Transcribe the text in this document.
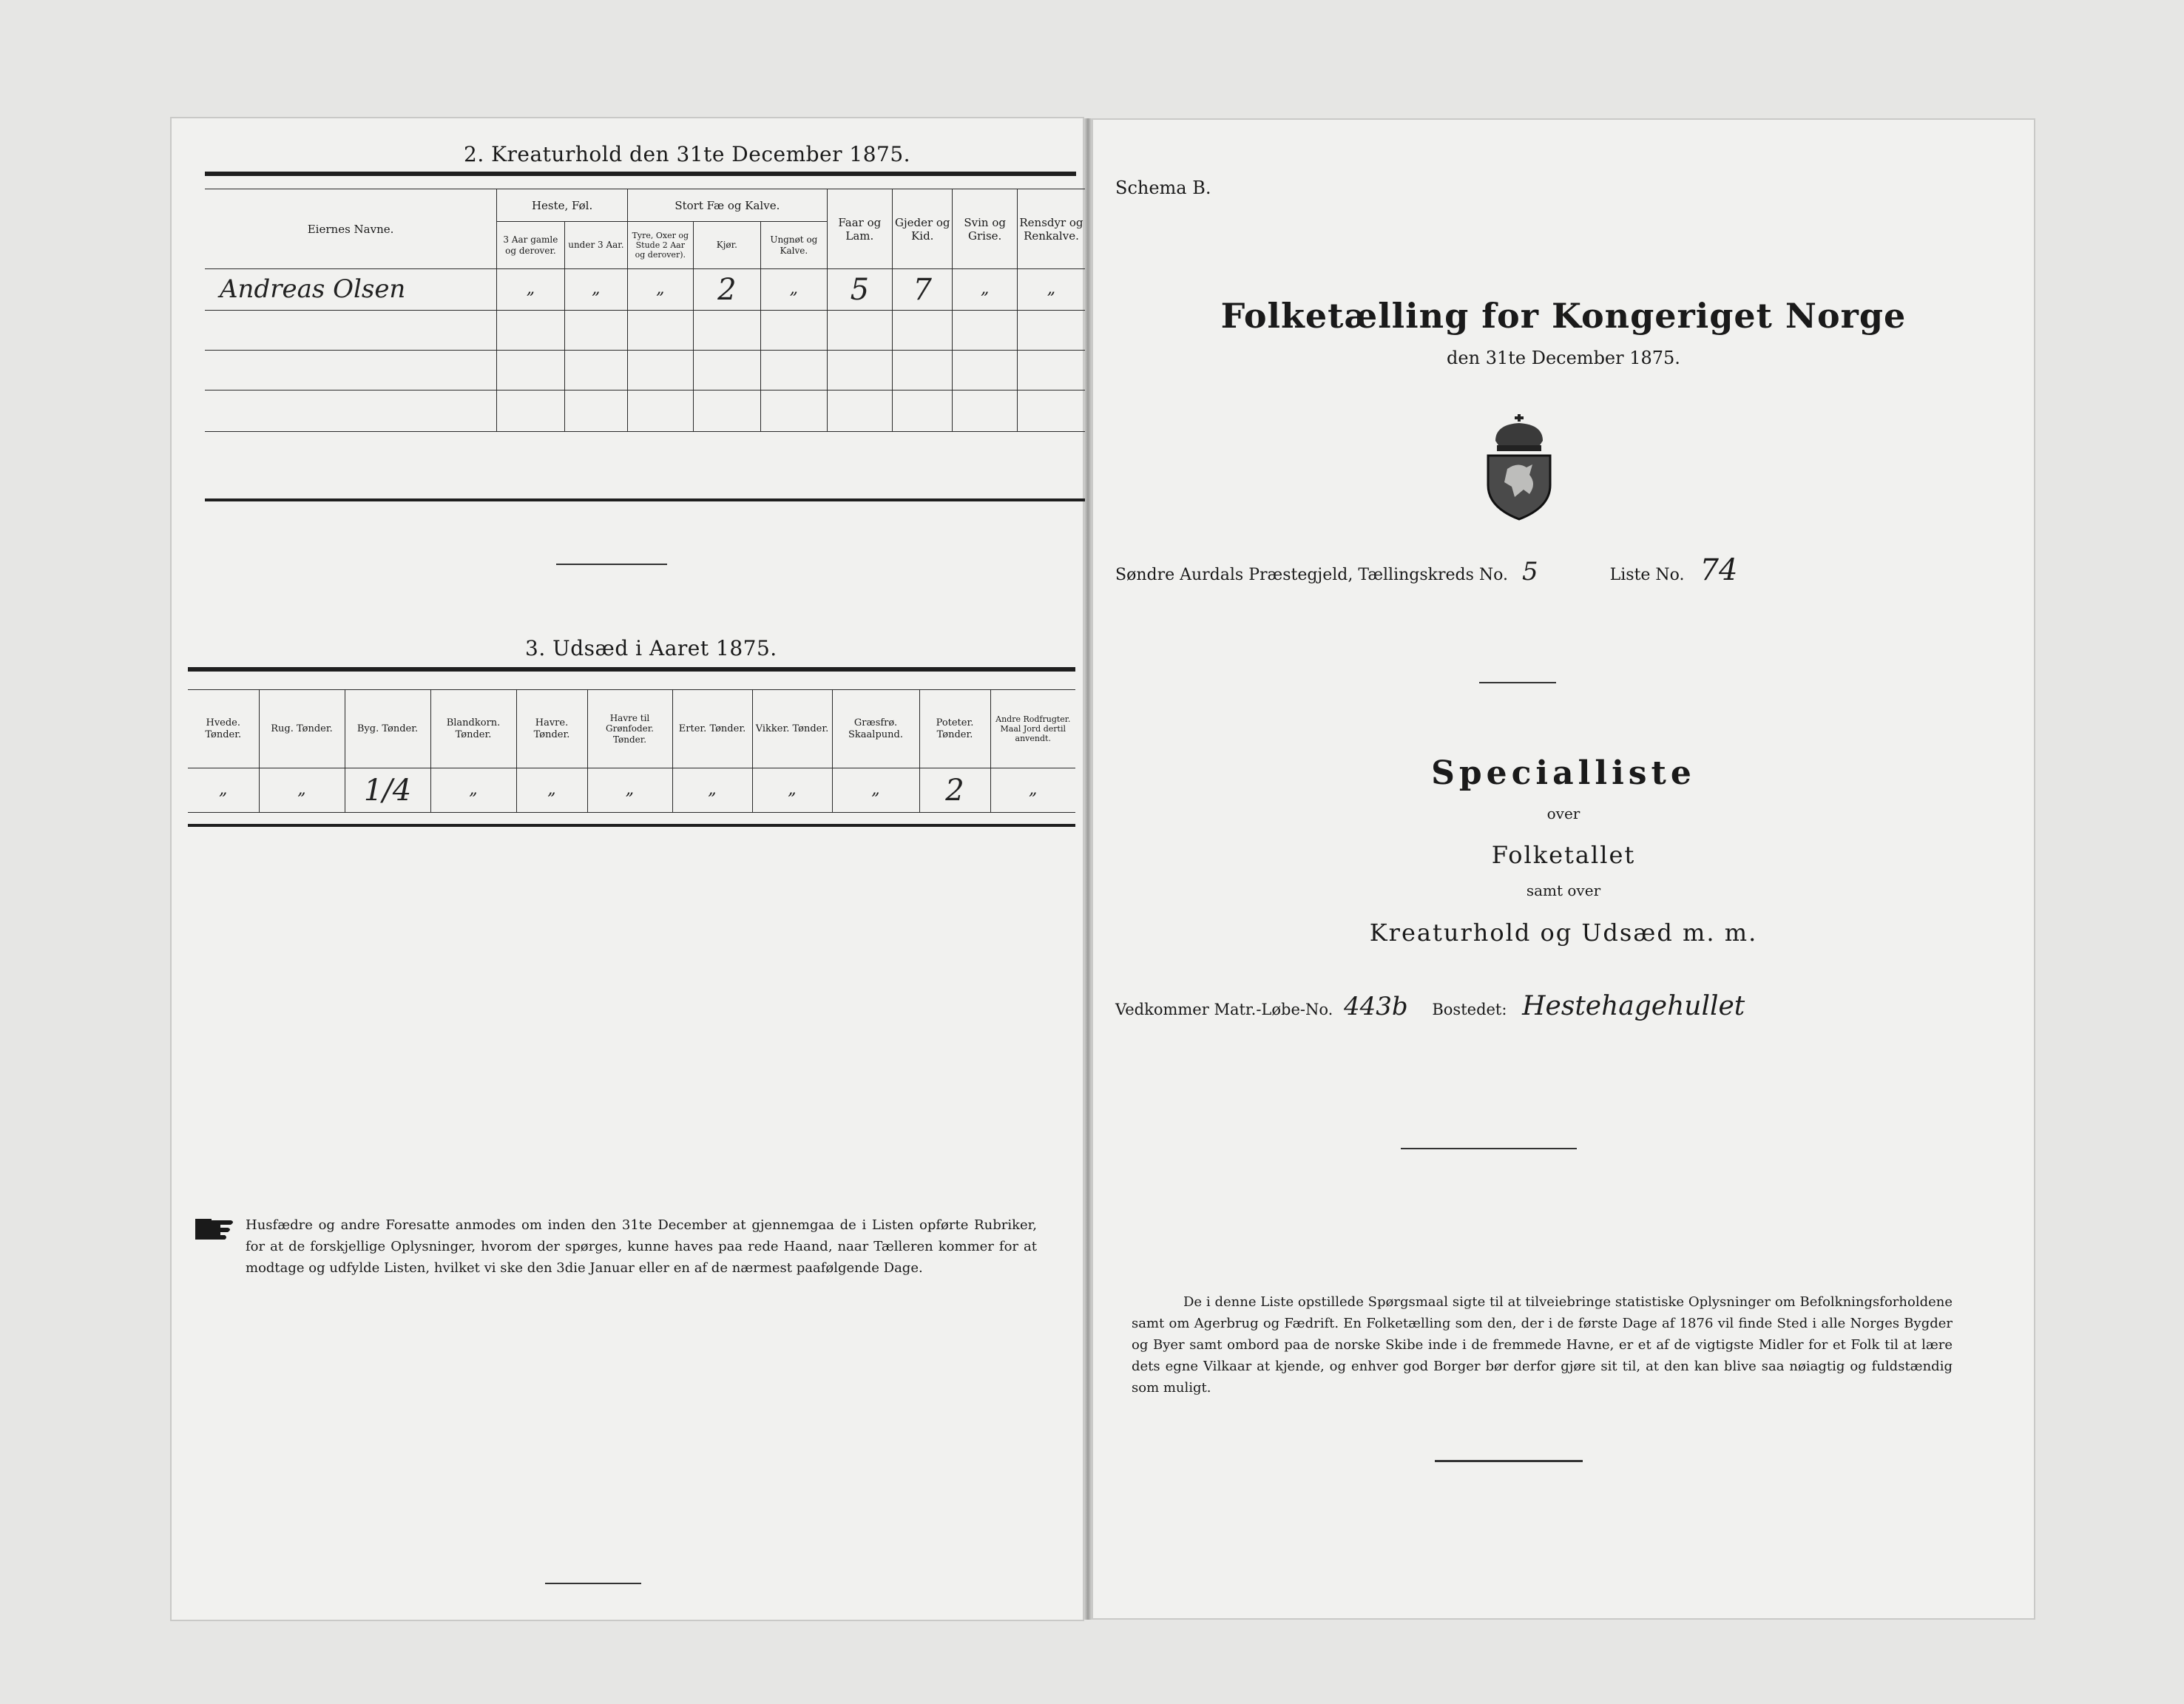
2. Kreaturhold den 31te December 1875.
Eiernes Navne.	Heste, Føl.		Stort Fæ og Kalve.			Faar og Lam.	Gjeder og Kid.	Svin og Grise.	Rensdyr og Renkalve.
	3 Aar gamle og derover.	under 3 Aar.	Tyre, Oxer og Stude 2 Aar og derover).	Kjør.	Ungnøt og Kalve.				
Andreas Olsen	„	„	„	2	„	5	7	„	„

3. Udsæd i Aaret 1875.
Hvede. Tønder.	Rug. Tønder.	Byg. Tønder.	Blandkorn. Tønder.	Havre. Tønder.	Havre til Grønfoder. Tønder.	Erter. Tønder.	Vikker. Tønder.	Græsfrø. Skaalpund.	Poteter. Tønder.	Andre Rodfrugter. Maal Jord dertil anvendt.
„	„	1/4	„	„	„	„	„	„	2	„
Husfædre og andre Foresatte anmodes om inden den 31te December at gjennemgaa de i Listen opførte Rubriker, for at de forskjellige Oplysninger, hvorom der spørges, kunne haves paa rede Haand, naar Tælleren kommer for at modtage og udfylde Listen, hvilket vi ske den 3die Januar eller en af de nærmest paafølgende Dage.
Schema B.
Folketælling for Kongeriget Norge
den 31te December 1875.
Søndre Aurdals Præstegjeld, Tællingskreds No. 5	Liste No. 74
Specialliste
over
Folketallet
samt over
Kreaturhold og Udsæd m. m.
Vedkommer Matr.-Løbe-No. 443b Bostedet: Hestehagehullet
De i denne Liste opstillede Spørgsmaal sigte til at tilveiebringe statistiske Oplysninger om Befolkningsforholdene samt om Agerbrug og Fædrift. En Folketælling som den, der i de første Dage af 1876 vil finde Sted i alle Norges Bygder og Byer samt ombord paa de norske Skibe inde i de fremmede Havne, er et af de vigtigste Midler for et Folk til at lære dets egne Vilkaar at kjende, og enhver god Borger bør derfor gjøre sit til, at den kan blive saa nøiagtig og fuldstændig som muligt.
